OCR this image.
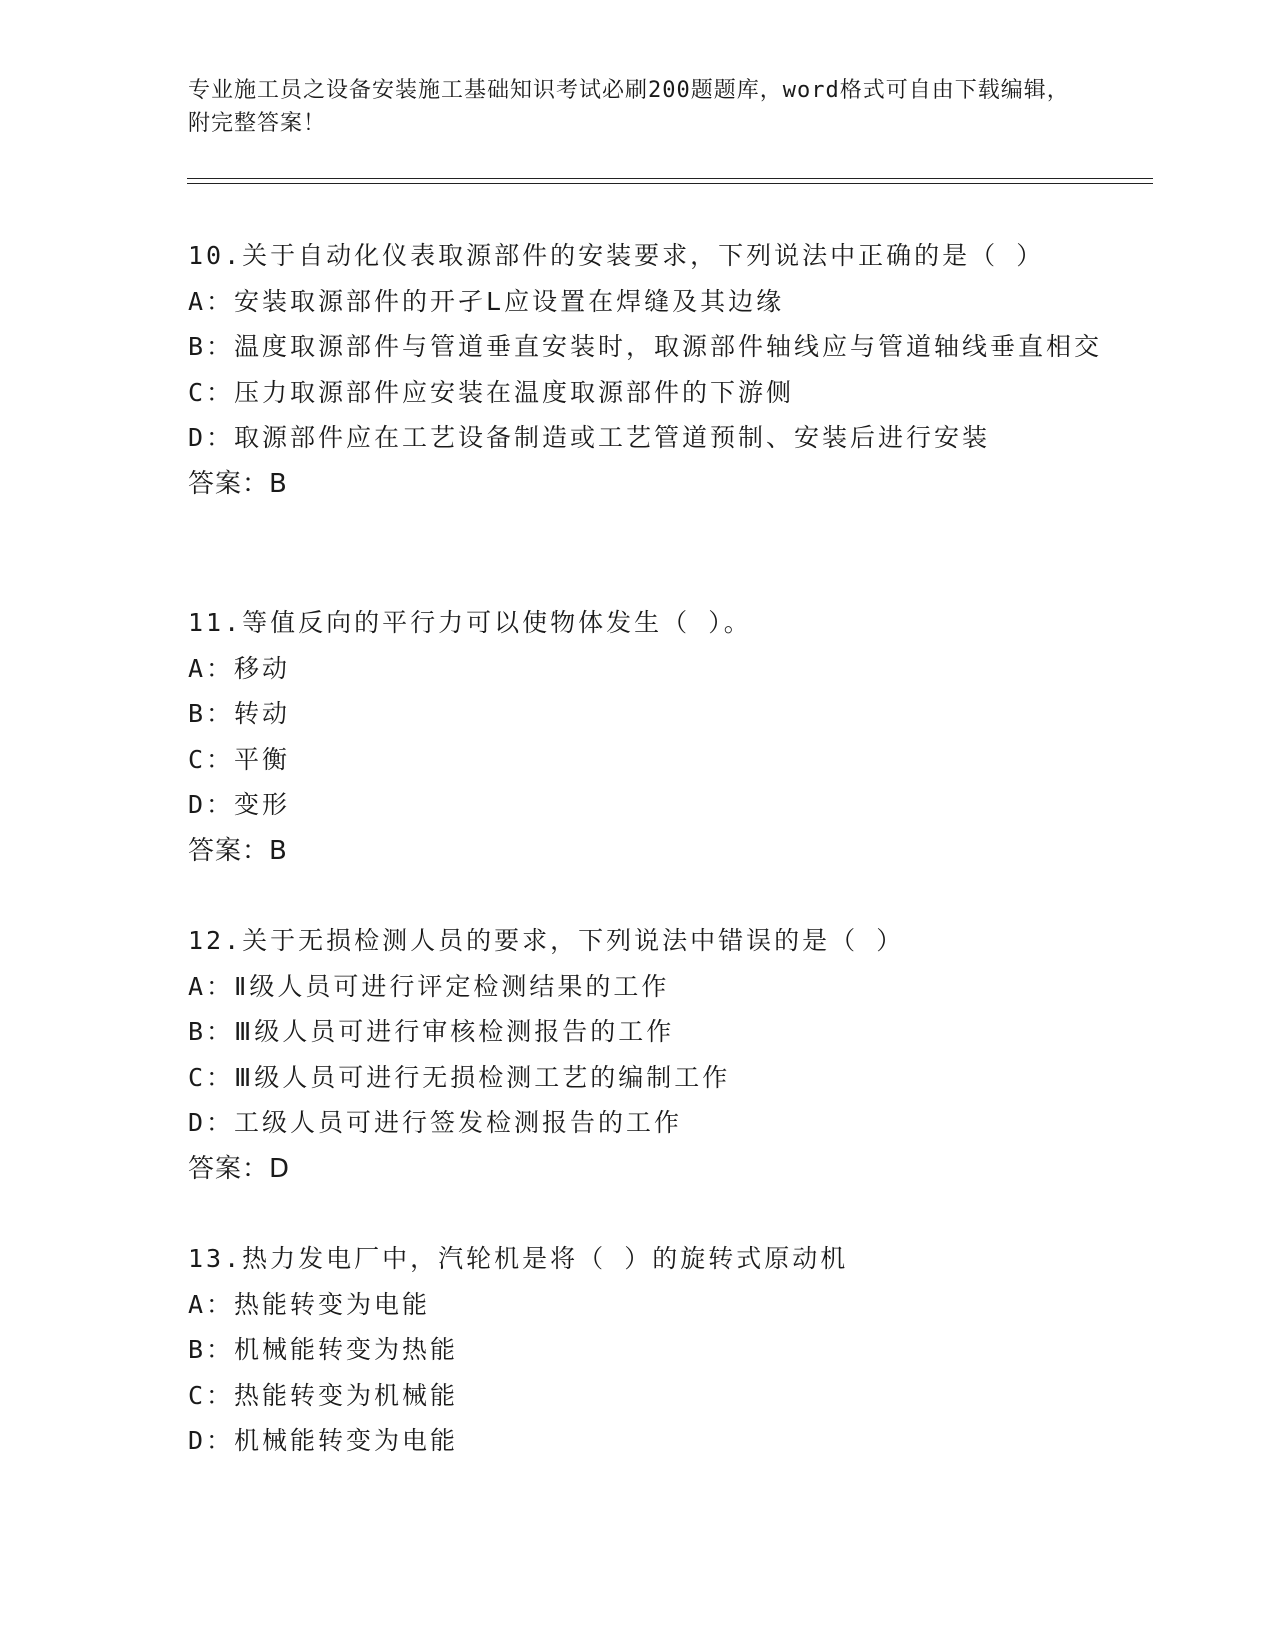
专业施工员之设备安装施工基础知识考试必刷200题题库，word格式可自由下载编辑，附完整答案！
10.关于自动化仪表取源部件的安装要求，下列说法中正确的是（ ）
A：安装取源部件的开孑L应设置在焊缝及其边缘
B：温度取源部件与管道垂直安装时，取源部件轴线应与管道轴线垂直相交
C：压力取源部件应安装在温度取源部件的下游侧
D：取源部件应在工艺设备制造或工艺管道预制、安装后进行安装
答案：B
11.等值反向的平行力可以使物体发生（ ）。
A：移动
B：转动
C：平衡
D：变形
答案：B
12.关于无损检测人员的要求，下列说法中错误的是（ ）
A：Ⅱ级人员可进行评定检测结果的工作
B：Ⅲ级人员可进行审核检测报告的工作
C：Ⅲ级人员可进行无损检测工艺的编制工作
D：工级人员可进行签发检测报告的工作
答案：D
13.热力发电厂中，汽轮机是将（ ）的旋转式原动机
A：热能转变为电能
B：机械能转变为热能
C：热能转变为机械能
D：机械能转变为电能
